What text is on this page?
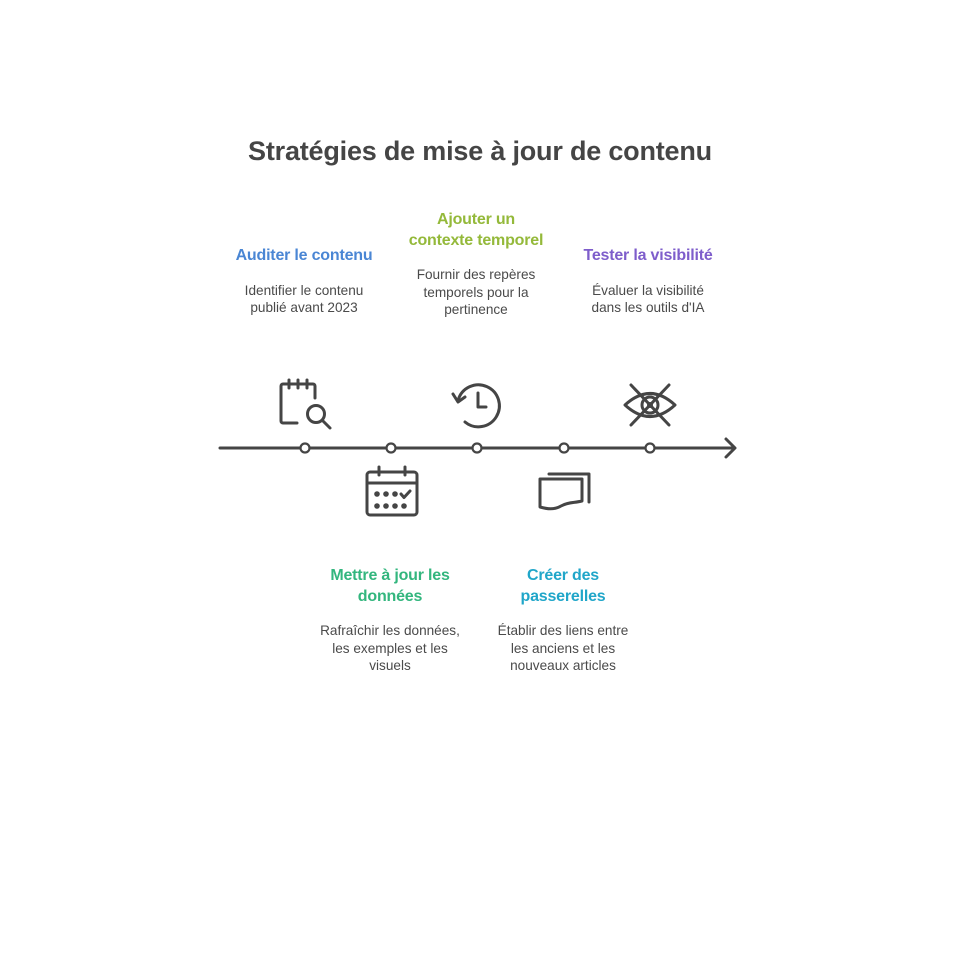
Stratégies de mise à jour de contenu
Auditer le contenu
Identifier le contenu publié avant 2023
Mettre à jour les données
Rafraîchir les données, les exemples et les visuels
Ajouter un contexte temporel
Fournir des repères temporels pour la pertinence
Créer des passerelles
Établir des liens entre les anciens et les nouveaux articles
Tester la visibilité
Évaluer la visibilité dans les outils d'IA
